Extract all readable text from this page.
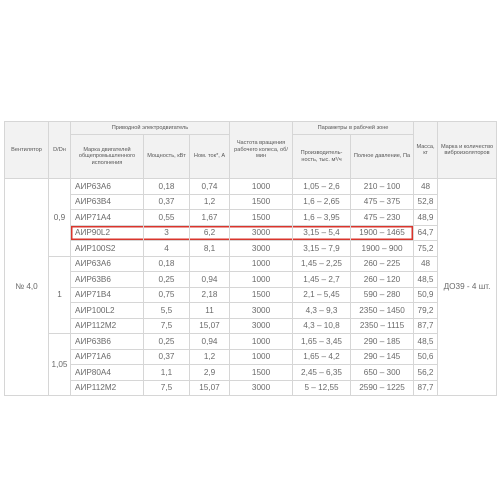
Вентилятор	D/Dн	Приводной электродвигатель			Частота вращения рабочего колеса, об/мин	Параметры в рабочей зоне		Масса, кг	Марка и количество виброизоляторов
		Марка двигателей общепромышленного исполнения	Мощность, кВт	Ном. ток*, А		Производитель-ность, тыс. м³/ч	Полное давление, Па		
№ 4,0	0,9	АИР63А6	0,18	0,74	1000	1,05 – 2,6	210 – 100	48	ДО39 - 4 шт.
		АИР63В4	0,37	1,2	1500	1,6 – 2,65	475 – 375	52,8	
		АИР71А4	0,55	1,67	1500	1,6 – 3,95	475 – 230	48,9	
		АИР90L2	3	6,2	3000	3,15 – 5,4	1900 – 1465	64,7	
		АИР100S2	4	8,1	3000	3,15 – 7,9	1900 – 900	75,2	
	1	АИР63А6	0,18		1000	1,45 – 2,25	260 – 225	48	
		АИР63В6	0,25	0,94	1000	1,45 – 2,7	260 – 120	48,5	
		АИР71В4	0,75	2,18	1500	2,1 – 5,45	590 – 280	50,9	
		АИР100L2	5,5	11	3000	4,3 – 9,3	2350 – 1450	79,2	
		АИР112М2	7,5	15,07	3000	4,3 – 10,8	2350 – 1115	87,7	
	1,05	АИР63В6	0,25	0,94	1000	1,65 – 3,45	290 – 185	48,5	
		АИР71А6	0,37	1,2	1000	1,65 – 4,2	290 – 145	50,6	
		АИР80А4	1,1	2,9	1500	2,45 – 6,35	650 – 300	56,2	
		АИР112М2	7,5	15,07	3000	5 – 12,55	2590 – 1225	87,7	
